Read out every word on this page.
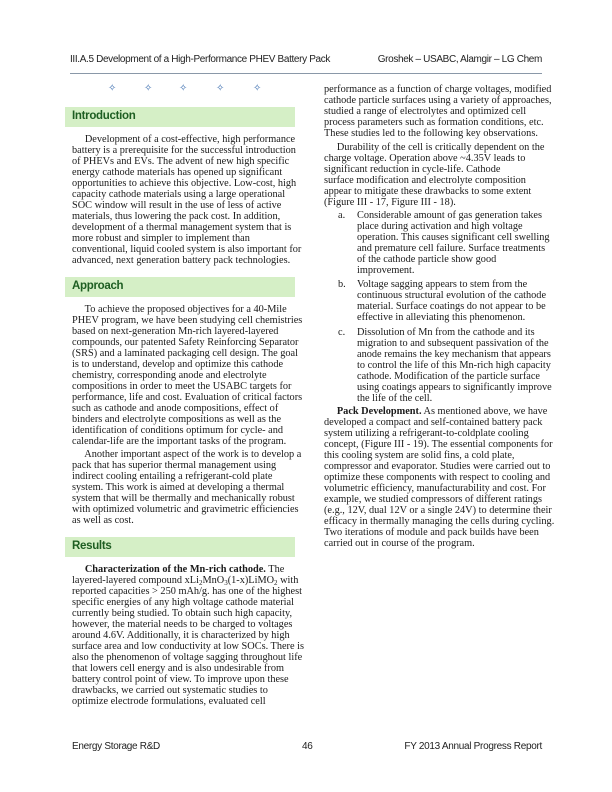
III.A.5 Development of a High-Performance PHEV Battery Pack	Groshek – USABC, Alamgir – LG Chem
✧	✧	✧	✧	✧
Introduction
Development of a cost-effective, high performance
battery is a prerequisite for the successful introduction
of PHEVs and EVs. The advent of new high specific
energy cathode materials has opened up significant
opportunities to achieve this objective. Low-cost, high
capacity cathode materials using a large operational
SOC window will result in the use of less of active
materials, thus lowering the pack cost. In addition,
development of a thermal management system that is
more robust and simpler to implement than
conventional, liquid cooled system is also important for
advanced, next generation battery pack technologies.
Approach
To achieve the proposed objectives for a 40-Mile
PHEV program, we have been studying cell chemistries
based on next-generation Mn-rich layered-layered
compounds, our patented Safety Reinforcing Separator
(SRS) and a laminated packaging cell design. The goal
is to understand, develop and optimize this cathode
chemistry, corresponding anode and electrolyte
compositions in order to meet the USABC targets for
performance, life and cost. Evaluation of critical factors
such as cathode and anode compositions, effect of
binders and electrolyte compositions as well as the
identification of conditions optimum for cycle- and
calendar-life are the important tasks of the program.
Another important aspect of the work is to develop a
pack that has superior thermal management using
indirect cooling entailing a refrigerant-cold plate
system. This work is aimed at developing a thermal
system that will be thermally and mechanically robust
with optimized volumetric and gravimetric efficiencies
as well as cost.
Results
Characterization of the Mn-rich cathode. The
layered-layered compound xLi$_2$MnO$_3$(1-x)LiMO$_2$ with
reported capacities > 250 mAh/g. has one of the highest
specific energies of any high voltage cathode material
currently being studied. To obtain such high capacity,
however, the material needs to be charged to voltages
around 4.6V. Additionally, it is characterized by high
surface area and low conductivity at low SOCs. There is
also the phenomenon of voltage sagging throughout life
that lowers cell energy and is also undesirable from
battery control point of view. To improve upon these
drawbacks, we carried out systematic studies to
optimize electrode formulations, evaluated cell
performance as a function of charge voltages, modified
cathode particle surfaces using a variety of approaches,
studied a range of electrolytes and optimized cell
process parameters such as formation conditions, etc.
These studies led to the following key observations.
Durability of the cell is critically dependent on the
charge voltage. Operation above ~4.35V leads to
significant reduction in cycle-life. Cathode
surface modification and electrolyte composition
appear to mitigate these drawbacks to some extent
(Figure III - 17, Figure III - 18).
a. Considerable amount of gas generation takes
place during activation and high voltage
operation. This causes significant cell swelling
and premature cell failure. Surface treatments
of the cathode particle show good
improvement.
b. Voltage sagging appears to stem from the
continuous structural evolution of the cathode
material. Surface coatings do not appear to be
effective in alleviating this phenomenon.
c. Dissolution of Mn from the cathode and its
migration to and subsequent passivation of the
anode remains the key mechanism that appears
to control the life of this Mn-rich high capacity
cathode. Modification of the particle surface
using coatings appears to significantly improve
the life of the cell.
Pack Development. As mentioned above, we have
developed a compact and self-contained battery pack
system utilizing a refrigerant-to-coldplate cooling
concept, (Figure III - 19). The essential components for
this cooling system are solid fins, a cold plate,
compressor and evaporator. Studies were carried out to
optimize these components with respect to cooling and
volumetric efficiency, manufacturability and cost. For
example, we studied compressors of different ratings
(e.g., 12V, dual 12V or a single 24V) to determine their
efficacy in thermally managing the cells during cycling.
Two iterations of module and pack builds have been
carried out in course of the program.
Energy Storage R&D	46	FY 2013 Annual Progress Report
